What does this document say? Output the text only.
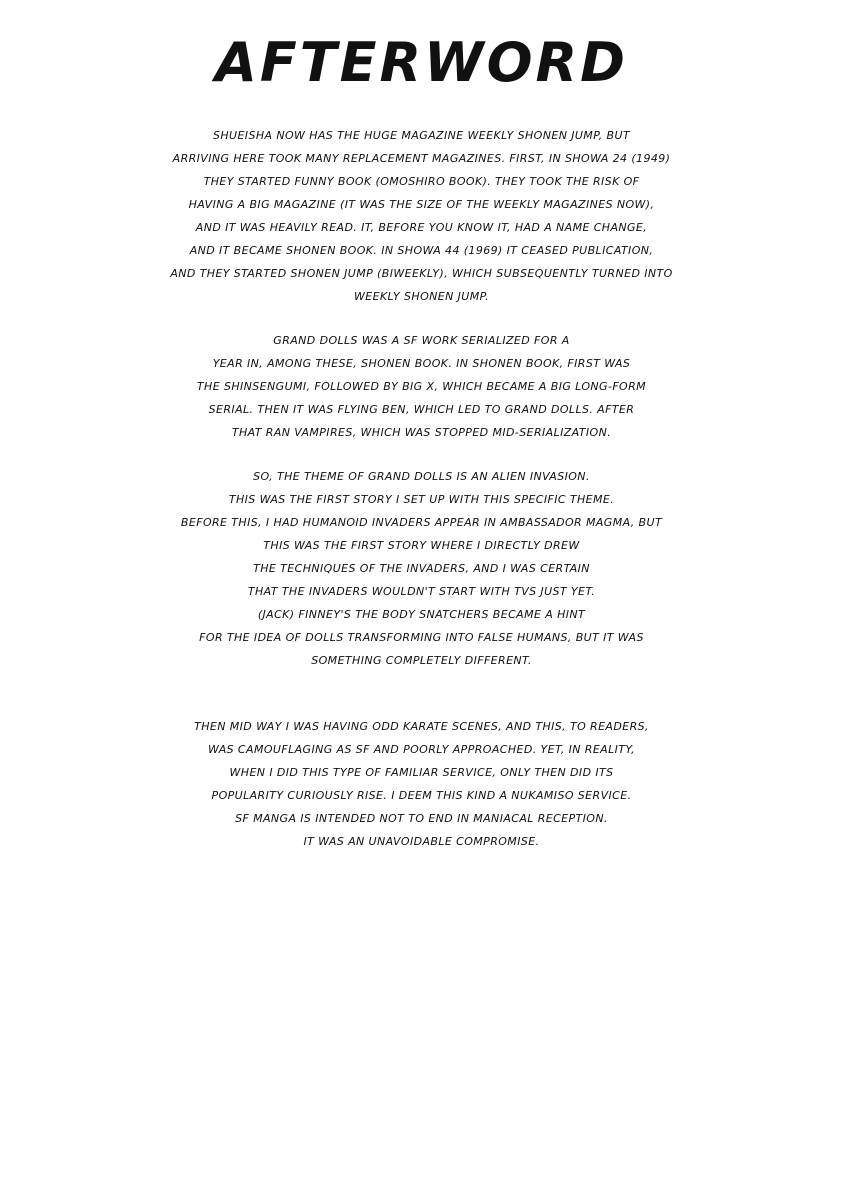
AFTERWORD
SHUEISHA NOW HAS THE HUGE MAGAZINE WEEKLY SHONEN JUMP, BUT
ARRIVING HERE TOOK MANY REPLACEMENT MAGAZINES. FIRST, IN SHOWA 24 (1949)
THEY STARTED FUNNY BOOK (OMOSHIRO BOOK). THEY TOOK THE RISK OF
HAVING A BIG MAGAZINE (IT WAS THE SIZE OF THE WEEKLY MAGAZINES NOW),
AND IT WAS HEAVILY READ. IT, BEFORE YOU KNOW IT, HAD A NAME CHANGE,
AND IT BECAME SHONEN BOOK. IN SHOWA 44 (1969) IT CEASED PUBLICATION,
AND THEY STARTED SHONEN JUMP (BIWEEKLY), WHICH SUBSEQUENTLY TURNED INTO
WEEKLY SHONEN JUMP.
GRAND DOLLS WAS A SF WORK SERIALIZED FOR A
YEAR IN, AMONG THESE, SHONEN BOOK. IN SHONEN BOOK, FIRST WAS
THE SHINSENGUMI, FOLLOWED BY BIG X, WHICH BECAME A BIG LONG-FORM
SERIAL. THEN IT WAS FLYING BEN, WHICH LED TO GRAND DOLLS. AFTER
THAT RAN VAMPIRES, WHICH WAS STOPPED MID-SERIALIZATION.
SO, THE THEME OF GRAND DOLLS IS AN ALIEN INVASION.
THIS WAS THE FIRST STORY I SET UP WITH THIS SPECIFIC THEME.
BEFORE THIS, I HAD HUMANOID INVADERS APPEAR IN AMBASSADOR MAGMA, BUT
THIS WAS THE FIRST STORY WHERE I DIRECTLY DREW
THE TECHNIQUES OF THE INVADERS, AND I WAS CERTAIN
THAT THE INVADERS WOULDN'T START WITH TVS JUST YET.
(JACK) FINNEY'S THE BODY SNATCHERS BECAME A HINT
FOR THE IDEA OF DOLLS TRANSFORMING INTO FALSE HUMANS, BUT IT WAS
SOMETHING COMPLETELY DIFFERENT.
THEN MID WAY I WAS HAVING ODD KARATE SCENES, AND THIS, TO READERS,
WAS CAMOUFLAGING AS SF AND POORLY APPROACHED. YET, IN REALITY,
WHEN I DID THIS TYPE OF FAMILIAR SERVICE, ONLY THEN DID ITS
POPULARITY CURIOUSLY RISE. I DEEM THIS KIND A NUKAMISO SERVICE.
SF MANGA IS INTENDED NOT TO END IN MANIACAL RECEPTION.
IT WAS AN UNAVOIDABLE COMPROMISE.
